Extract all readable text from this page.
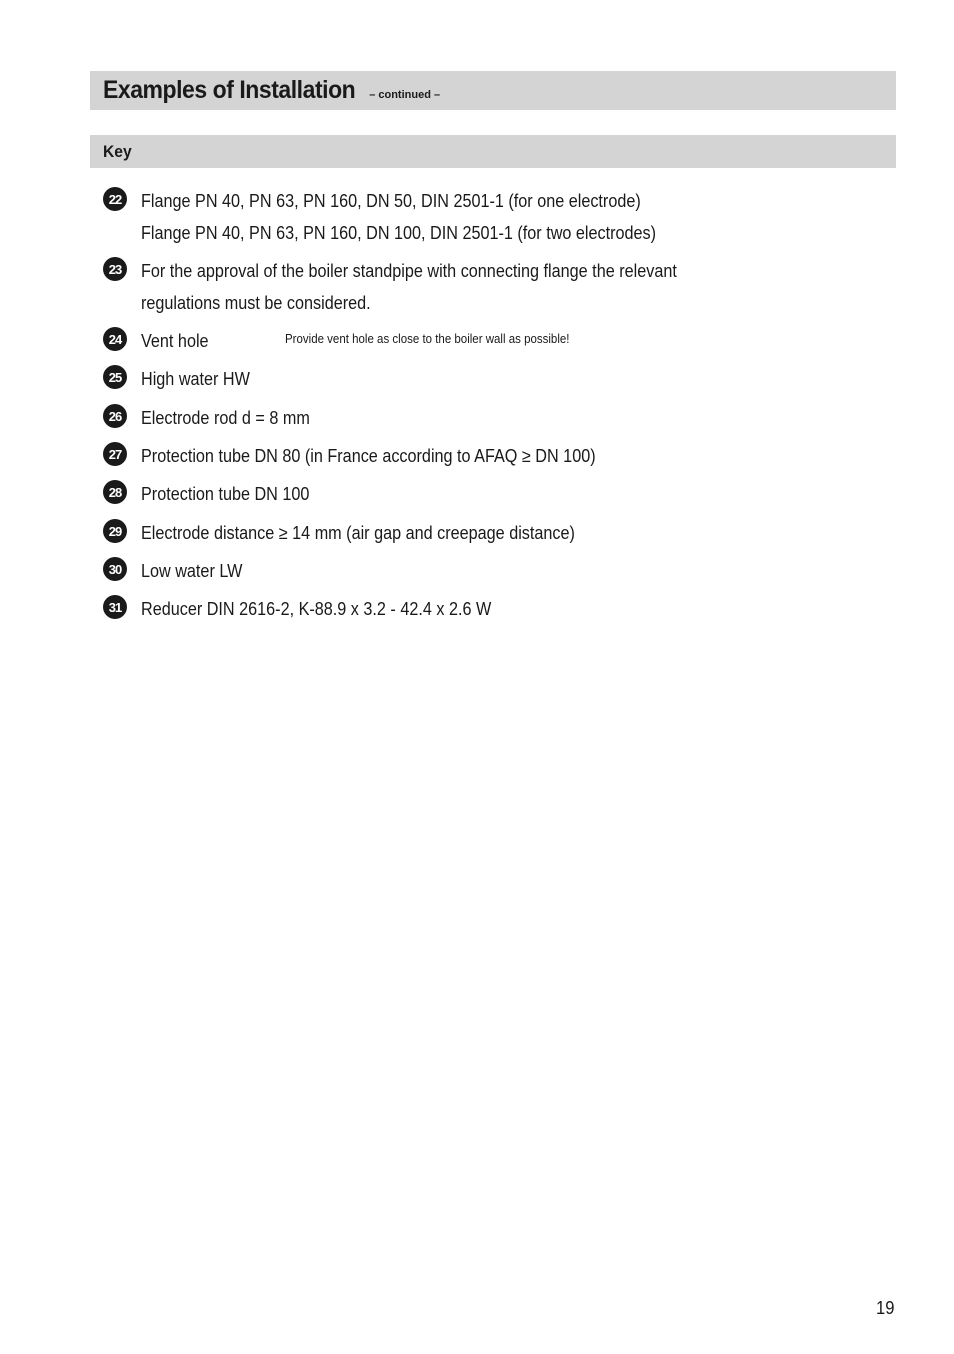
Examples of Installation – continued –
Key
22	Flange PN 40, PN 63, PN 160, DN 50, DIN 2501-1 (for one electrode)
Flange PN 40, PN 63, PN 160, DN 100, DIN 2501-1 (for two electrodes)
23	For the approval of the boiler standpipe with connecting flange the relevant
regulations must be considered.
24	Vent hole	Provide vent hole as close to the boiler wall as possible!
25	High water HW
26	Electrode rod d = 8 mm
27	Protection tube DN 80 (in France according to AFAQ ≥ DN 100)
28	Protection tube DN 100
29	Electrode distance ≥ 14 mm (air gap and creepage distance)
30	Low water LW
31	Reducer DIN 2616-2, K-88.9 x 3.2 - 42.4 x 2.6 W
19
